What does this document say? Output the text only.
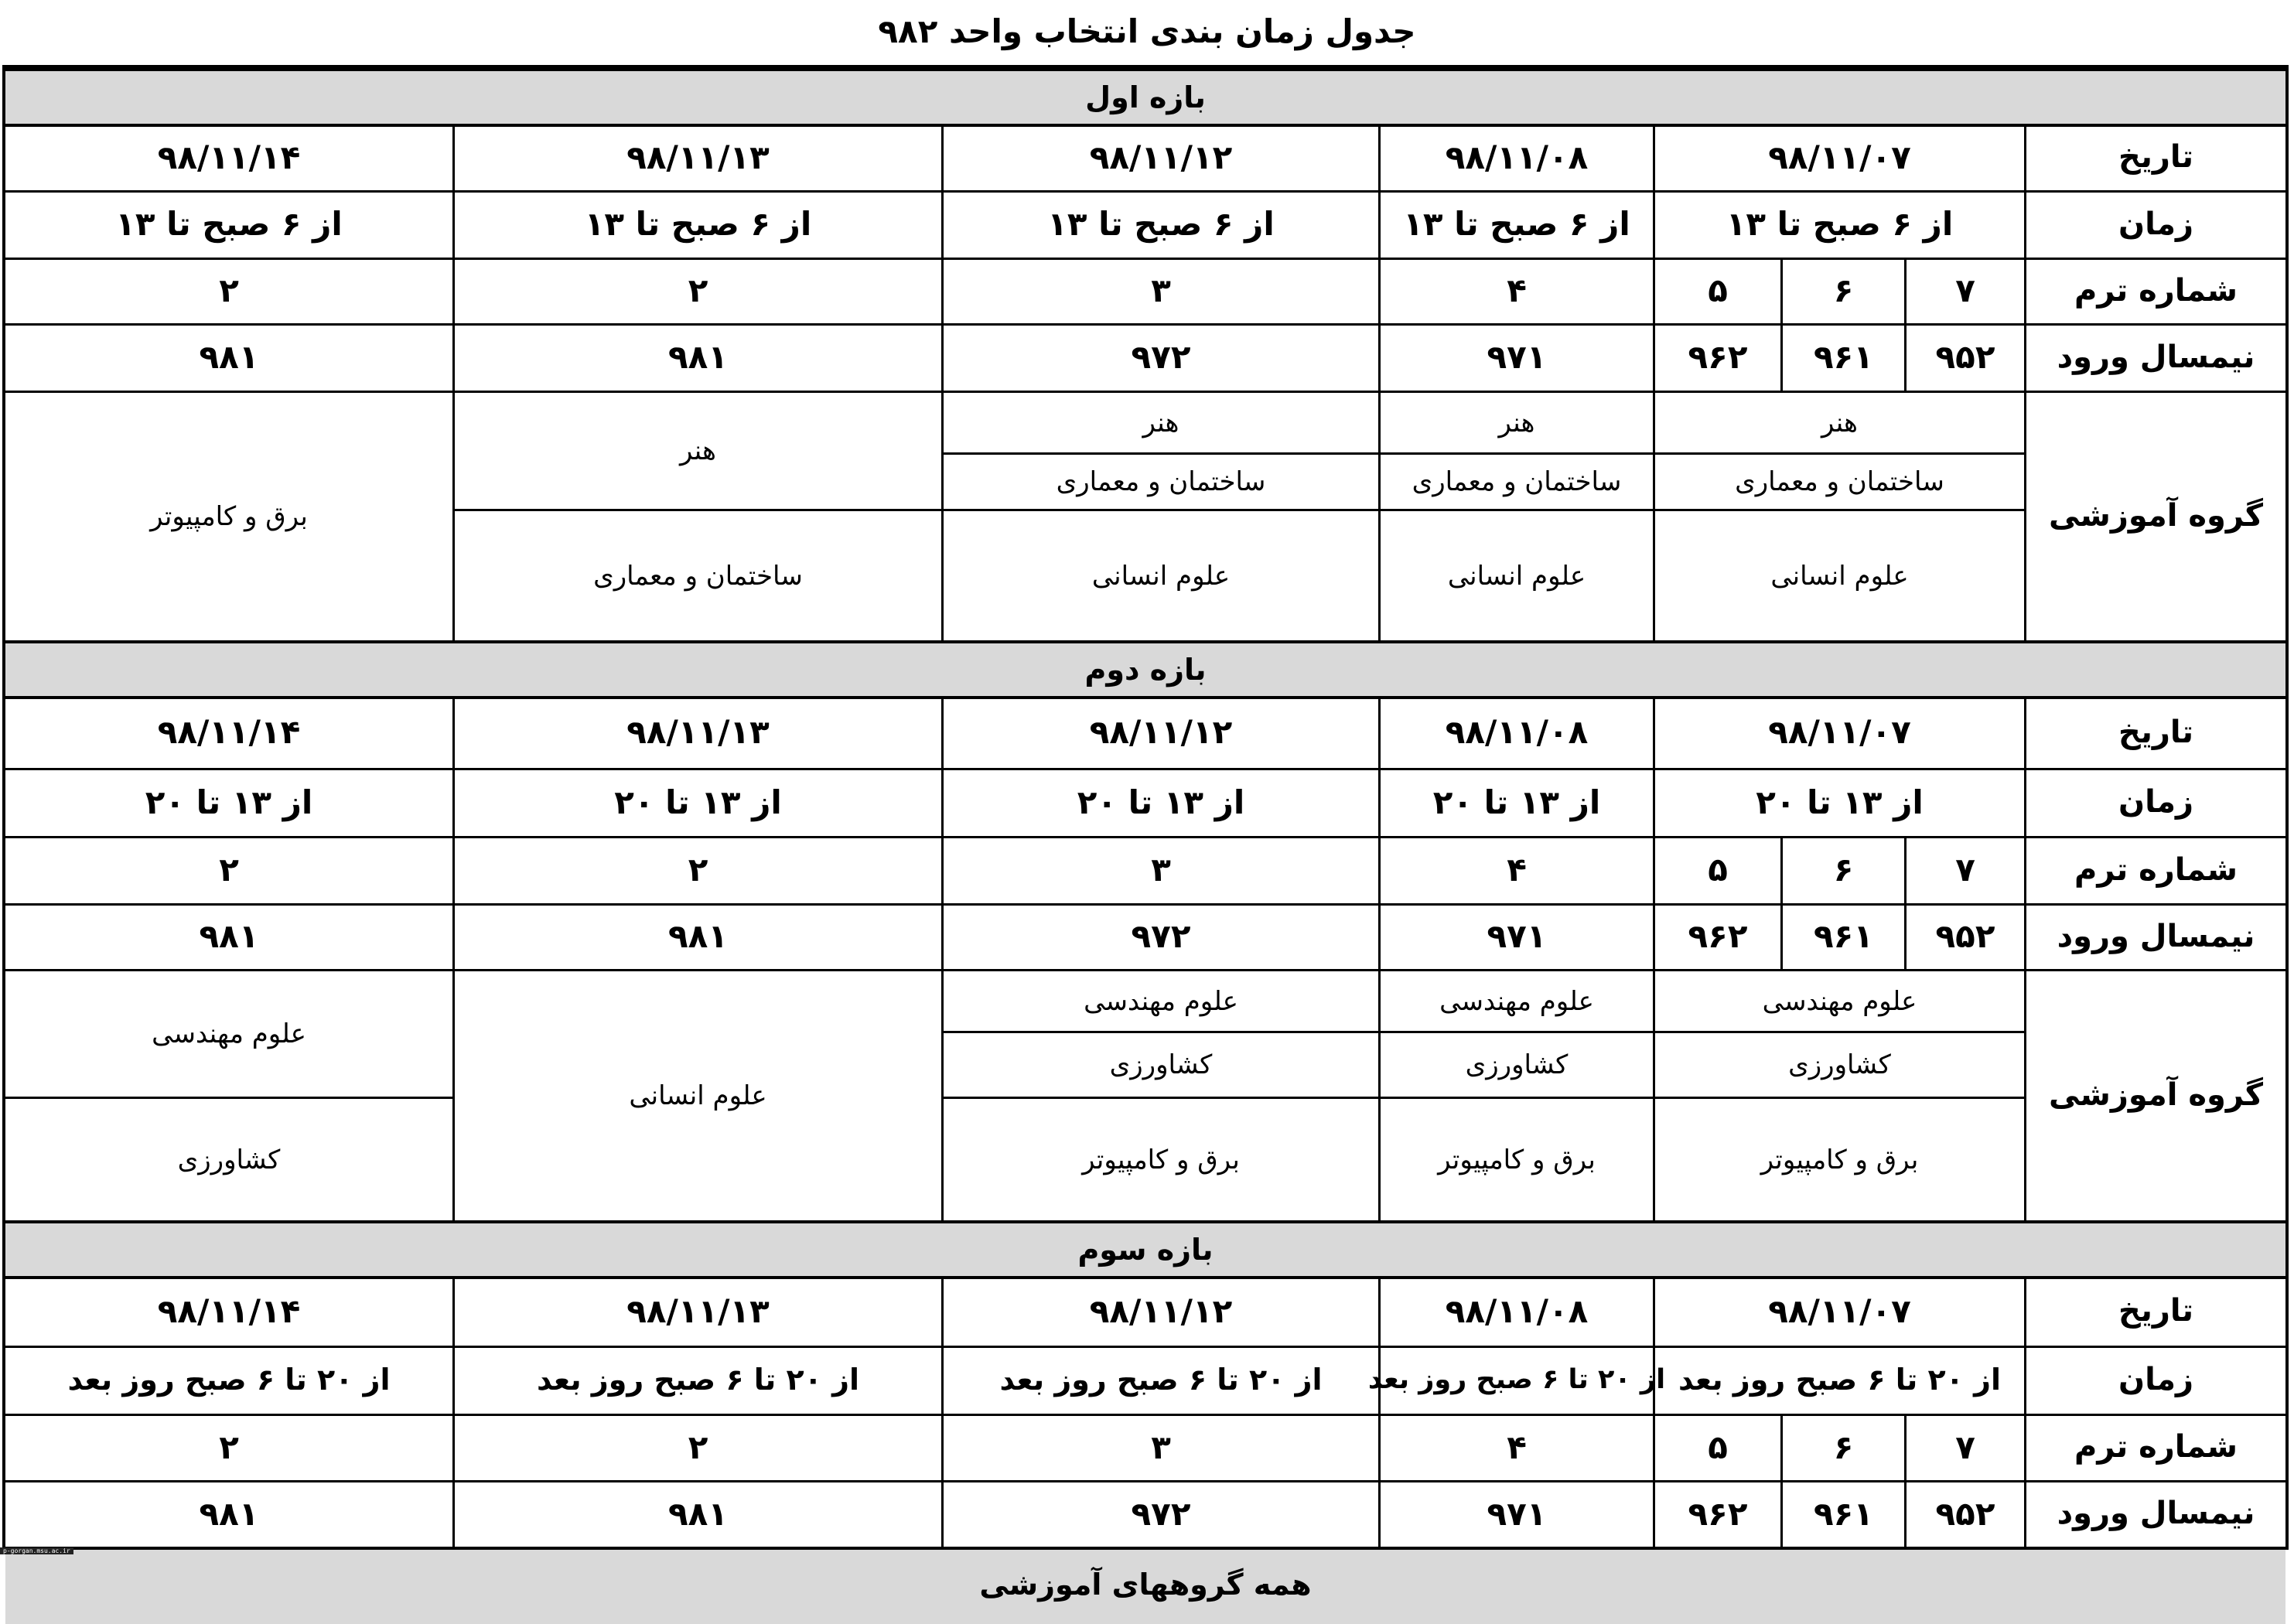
جدول زمان بندی انتخاب واحد ۹۸۲
بازه اول
تاریخ
زمان
شماره ترم
نیمسال ورود
گروه آموزشی
۹۸/۱۱/۰۷
۹۸/۱۱/۰۸
۹۸/۱۱/۱۲
۹۸/۱۱/۱۳
۹۸/۱۱/۱۴
از ۶ صبح تا ۱۳
از ۶ صبح تا ۱۳
از ۶ صبح تا ۱۳
از ۶ صبح تا ۱۳
از ۶ صبح تا ۱۳
۷
۶
۵
۴
۳
۲
۲
۹۵۲
۹۶۱
۹۶۲
۹۷۱
۹۷۲
۹۸۱
۹۸۱
هنر
ساختمان و معماری
علوم انسانی
هنر
ساختمان و معماری
علوم انسانی
هنر
ساختمان و معماری
علوم انسانی
هنر
ساختمان و معماری
برق و کامپیوتر
بازه دوم
تاریخ
زمان
شماره ترم
نیمسال ورود
گروه آموزشی
۹۸/۱۱/۰۷
۹۸/۱۱/۰۸
۹۸/۱۱/۱۲
۹۸/۱۱/۱۳
۹۸/۱۱/۱۴
از ۱۳ تا ۲۰
از ۱۳ تا ۲۰
از ۱۳ تا ۲۰
از ۱۳ تا ۲۰
از ۱۳ تا ۲۰
۷
۶
۵
۴
۳
۲
۲
۹۵۲
۹۶۱
۹۶۲
۹۷۱
۹۷۲
۹۸۱
۹۸۱
علوم مهندسی
کشاورزی
برق و کامپیوتر
علوم مهندسی
کشاورزی
برق و کامپیوتر
علوم مهندسی
کشاورزی
برق و کامپیوتر
علوم انسانی
علوم مهندسی
کشاورزی
بازه سوم
تاریخ
زمان
شماره ترم
نیمسال ورود
۹۸/۱۱/۰۷
۹۸/۱۱/۰۸
۹۸/۱۱/۱۲
۹۸/۱۱/۱۳
۹۸/۱۱/۱۴
از ۲۰ تا ۶ صبح روز بعد
از ۲۰ تا ۶ صبح روز بعد
از ۲۰ تا ۶ صبح روز بعد
از ۲۰ تا ۶ صبح روز بعد
از ۲۰ تا ۶ صبح روز بعد
۷
۶
۵
۴
۳
۲
۲
۹۵۲
۹۶۱
۹۶۲
۹۷۱
۹۷۲
۹۸۱
۹۸۱
همه گروههای آموزشی
p-gorgan.msu.ac.ir
